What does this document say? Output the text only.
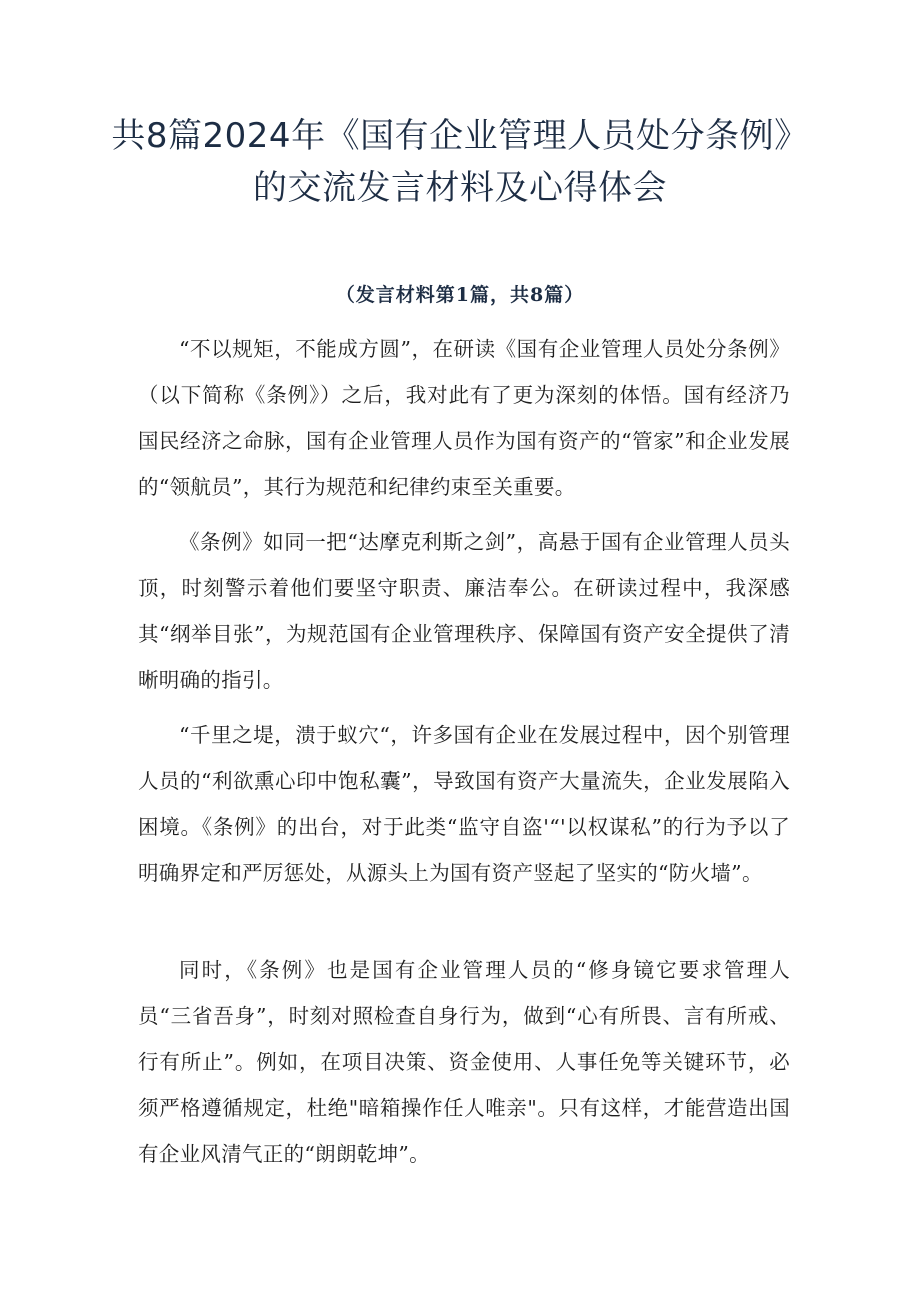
共8篇2024年《国有企业管理人员处分条例》的交流发言材料及心得体会
（发言材料第1篇，共8篇）

“不以规矩，不能成方圆”，在研读《国有企业管理人员处分条例》（以下简称《条例》）之后，我对此有了更为深刻的体悟。国有经济乃国民经济之命脉，国有企业管理人员作为国有资产的“管家”和企业发展的“领航员”，其行为规范和纪律约束至关重要。

《条例》如同一把“达摩克利斯之剑”，高悬于国有企业管理人员头顶，时刻警示着他们要坚守职责、廉洁奉公。在研读过程中，我深感其“纲举目张”，为规范国有企业管理秩序、保障国有资产安全提供了清晰明确的指引。

“千里之堤，溃于蚁穴“，许多国有企业在发展过程中，因个别管理人员的“利欲熏心印中饱私囊”，导致国有资产大量流失，企业发展陷入困境。《条例》的出台，对于此类“监守自盗'“'以权谋私”的行为予以了明确界定和严厉惩处，从源头上为国有资产竖起了坚实的“防火墙”。

同时，《条例》也是国有企业管理人员的“修身镜它要求管理人员“三省吾身”，时刻对照检查自身行为，做到“心有所畏、言有所戒、行有所止”。例如，在项目决策、资金使用、人事任免等关键环节，必须严格遵循规定，杜绝"暗箱操作任人唯亲"。只有这样，才能营造出国有企业风清气正的“朗朗乾坤”。
